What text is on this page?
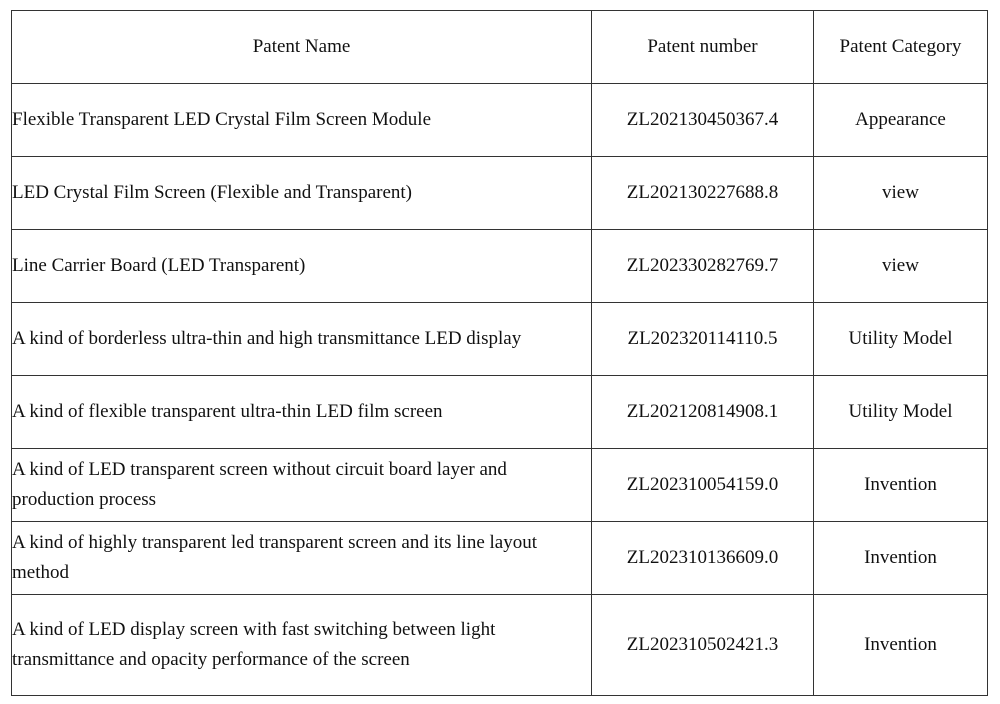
Patent Name	Patent number	Patent Category
Flexible Transparent LED Crystal Film Screen Module	ZL202130450367.4	Appearance
LED Crystal Film Screen (Flexible and Transparent)	ZL202130227688.8	view
Line Carrier Board (LED Transparent)	ZL202330282769.7	view
A kind of borderless ultra-thin and high transmittance LED display	ZL202320114110.5	Utility Model
A kind of flexible transparent ultra-thin LED film screen	ZL202120814908.1	Utility Model
A kind of LED transparent screen without circuit board layer and production process	ZL202310054159.0	Invention
A kind of highly transparent led transparent screen and its line layout method	ZL202310136609.0	Invention
A kind of LED display screen with fast switching between light transmittance and opacity performance of the screen	ZL202310502421.3	Invention
